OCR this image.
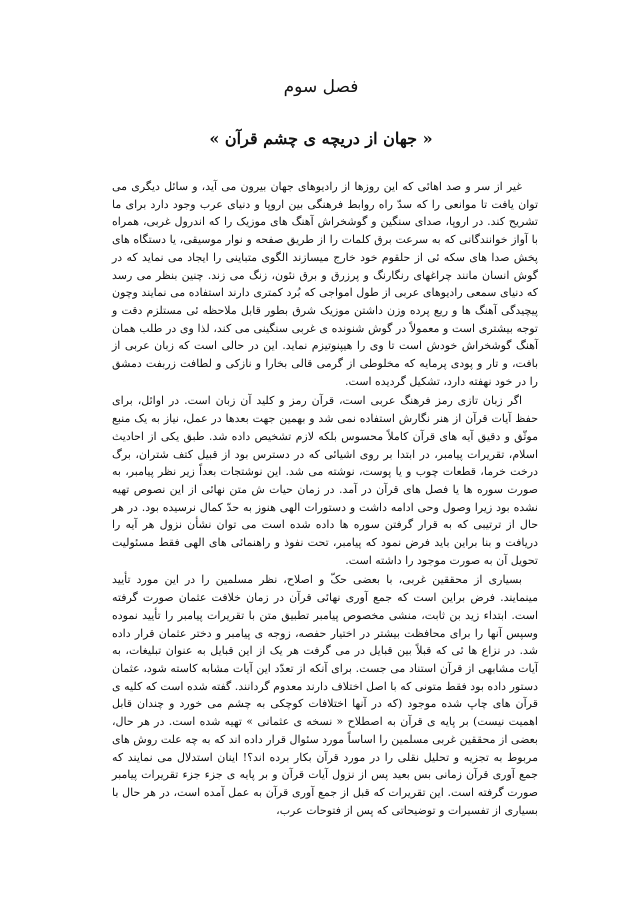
فصل سوم
« جهان از دریچه ی چشم قرآن »

غیر از سر و صد اهائی که این روزها از رادیوهای جهان بیرون می آید، و سائل دیگری می توان یافت تا موانعی را که سدّ راه روابط فرهنگی بین اروپا و دنیای عرب وجود دارد برای ما تشریح کند. در اروپا، صدای سنگین و گوشخراش آهنگ های موزیک را که اندرول غربی، همراه با آواز خوانندگانی که به سرعت برق کلمات را از طریق صفحه و نوار موسیقی، یا دستگاه های پخش صدا های سکه ئی از حلقوم خود خارج میسازند الگوی متباینی را ایجاد می نماید که در گوش انسان مانند چراغهای رنگارنگ و پرزرق و برق نئون، زنگ می زند. چنین بنظر می رسد که دنیای سمعی رادیوهای عربی از طول امواجی که بُرد کمتری دارند استفاده می نمایند وچون پیچیدگی آهنگ ها و ریع پرده وزن داشتن موزیک شرق بطور قابل ملاحظه ئی مستلزم دقت و توجه بیشتری است و معمولاً در گوش شنونده ی غربی سنگینی می کند، لذا وی در طلب همان آهنگ گوشخراش خودش است تا وی را هیپنوتیزم نماید. این در حالی است که زبان عربی از بافت، و تار و پودی پرمایه که مخلوطی از گرمی قالی بخارا و نازکی و لطافت زربفت دمشق را در خود نهفته دارد، تشکیل گردیده است.

اگر زبان تازی رمز فرهنگ عربی است، قرآن رمز و کلید آن زبان است. در اوائل، برای حفظ آیات قرآن از هنر نگارش استفاده نمی شد و بهمین جهت بعدها در عمل، نیاز به یک منبع موثّق و دقیق آیه های قرآن کاملاً محسوس بلکه لازم تشخیص داده شد. طبق یکی از احادیث اسلام، تقریرات پیامبر، در ابتدا بر روی اشیائی که در دسترس بود از قبیل کتف شتران، برگ درخت خرما، قطعات چوب و یا پوست، نوشته می شد. این نوشتجات بعداً زیر نظر پیامبر، به صورت سوره ها یا فصل های قرآن در آمد. در زمان حیات ش متن نهائی از این نصوص تهیه نشده بود زیرا وصول وحی ادامه داشت و دستورات الهی هنوز به حدّ کمال نرسیده بود. در هر حال از ترتیبی که به قرار گرفتن سوره ها داده شده است می توان نشأن نزول هر آیه را دریافت و بنا براین باید فرض نمود که پیامبر، تحت نفوذ و راهنمائی های الهی فقط مسئولیت تحویل آن به صورت موجود را داشته است.

بسیاری از محققین غربی، با بعضی حکّ و اصلاح، نظر مسلمین را در این مورد تأیید مینمایند. فرض براین است که جمع آوری نهائی قرآن در زمان خلافت عثمان صورت گرفته است. ابتداء زید بن ثابت، منشی مخصوص پیامبر تطبیق متن با تقریرات پیامبر را تأیید نموده وسپس آنها را برای محافظت بیشتر در اختیار حفصه، زوجه ی پیامبر و دختر عثمان قرار داده شد. در نزاع ها ئی که قبلاً بین قبایل در می گرفت هر یک از این قبایل به عنوان تبلیغات، به آیات مشابهی از قرآن استناد می جست. برای آنکه از تعدّد این آیات مشابه کاسته شود، عثمان دستور داده بود فقط متونی که با اصل اختلاف دارند معدوم گردانند. گفته شده است که کلیه ی قرآن های چاپ شده موجود (که در آنها اختلافات کوچکی به چشم می خورد و چندان قابل اهمیت نیست) بر پایه ی قرآن به اصطلاح « نسخه ی عثمانی » تهیه شده است. در هر حال، بعضی از محققین غربی مسلمین را اساساً مورد سئوال قرار داده اند که به چه علت روش های مربوط به تجزیه و تحلیل نقلی را در مورد قرآن بکار برده اند؟! اینان استدلال می نمایند که جمع آوری قرآن زمانی بس بعید پس از نزول آیات قرآن و بر پایه ی جزء جزء تقریرات پیامبر صورت گرفته است. این تقریرات که قبل از جمع آوری قرآن به عمل آمده است، در هر حال با بسیاری از تفسیرات و توضیحاتی که پس از فتوحات عرب،
